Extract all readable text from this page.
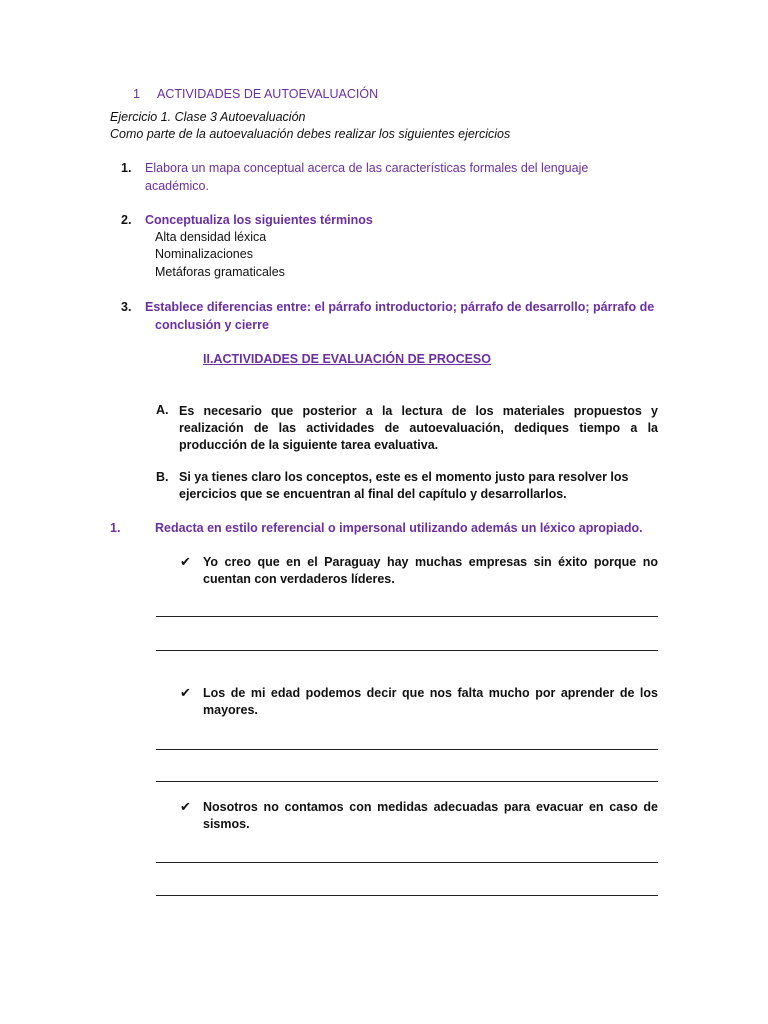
1 ACTIVIDADES DE AUTOEVALUACIÓN
Ejercicio 1. Clase 3 Autoevaluación
Como parte de la autoevaluación debes realizar los siguientes ejercicios
1. Elabora un mapa conceptual acerca de las características formales del lenguaje
académico.
2. Conceptualiza los siguientes términos
Alta densidad léxica
Nominalizaciones
Metáforas gramaticales
3. Establece diferencias entre: el párrafo introductorio; párrafo de desarrollo; párrafo de
conclusión y cierre
II.ACTIVIDADES DE EVALUACIÓN DE PROCESO
A. Es necesario que posterior a la lectura de los materiales propuestos y realización de las actividades de autoevaluación, dediques tiempo a la producción de la siguiente tarea evaluativa.
B. Si ya tienes claro los conceptos, este es el momento justo para resolver los
ejercicios que se encuentran al final del capítulo y desarrollarlos.
1.	Redacta en estilo referencial o impersonal utilizando además un léxico apropiado.
✔ Yo creo que en el Paraguay hay muchas empresas sin éxito porque no cuentan con verdaderos líderes.
✔ Los de mi edad podemos decir que nos falta mucho por aprender de los mayores.
✔ Nosotros no contamos con medidas adecuadas para evacuar en caso de sismos.
